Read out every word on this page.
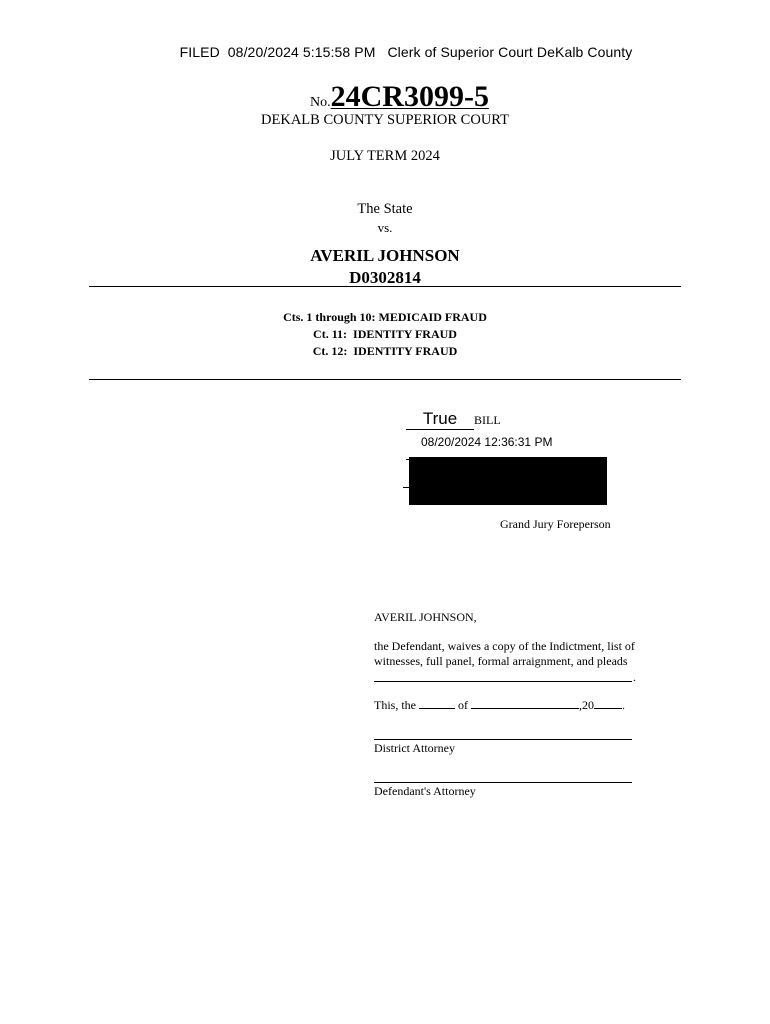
FILED 08/20/2024 5:15:58 PM Clerk of Superior Court DeKalb County
No.24CR3099-5
DEKALB COUNTY SUPERIOR COURT
JULY TERM 2024
The State
vs.
AVERIL JOHNSON
D0302814
Cts. 1 through 10: MEDICAID FRAUD
Ct. 11:  IDENTITY FRAUD
Ct. 12:  IDENTITY FRAUD
True BILL
08/20/2024 12:36:31 PM
Grand Jury Foreperson
AVERIL JOHNSON,
the Defendant, waives a copy of the Indictment, list of
witnesses, full panel, formal arraignment, and pleads
.
This, the	of	,20 .
District Attorney
Defendant's Attorney
